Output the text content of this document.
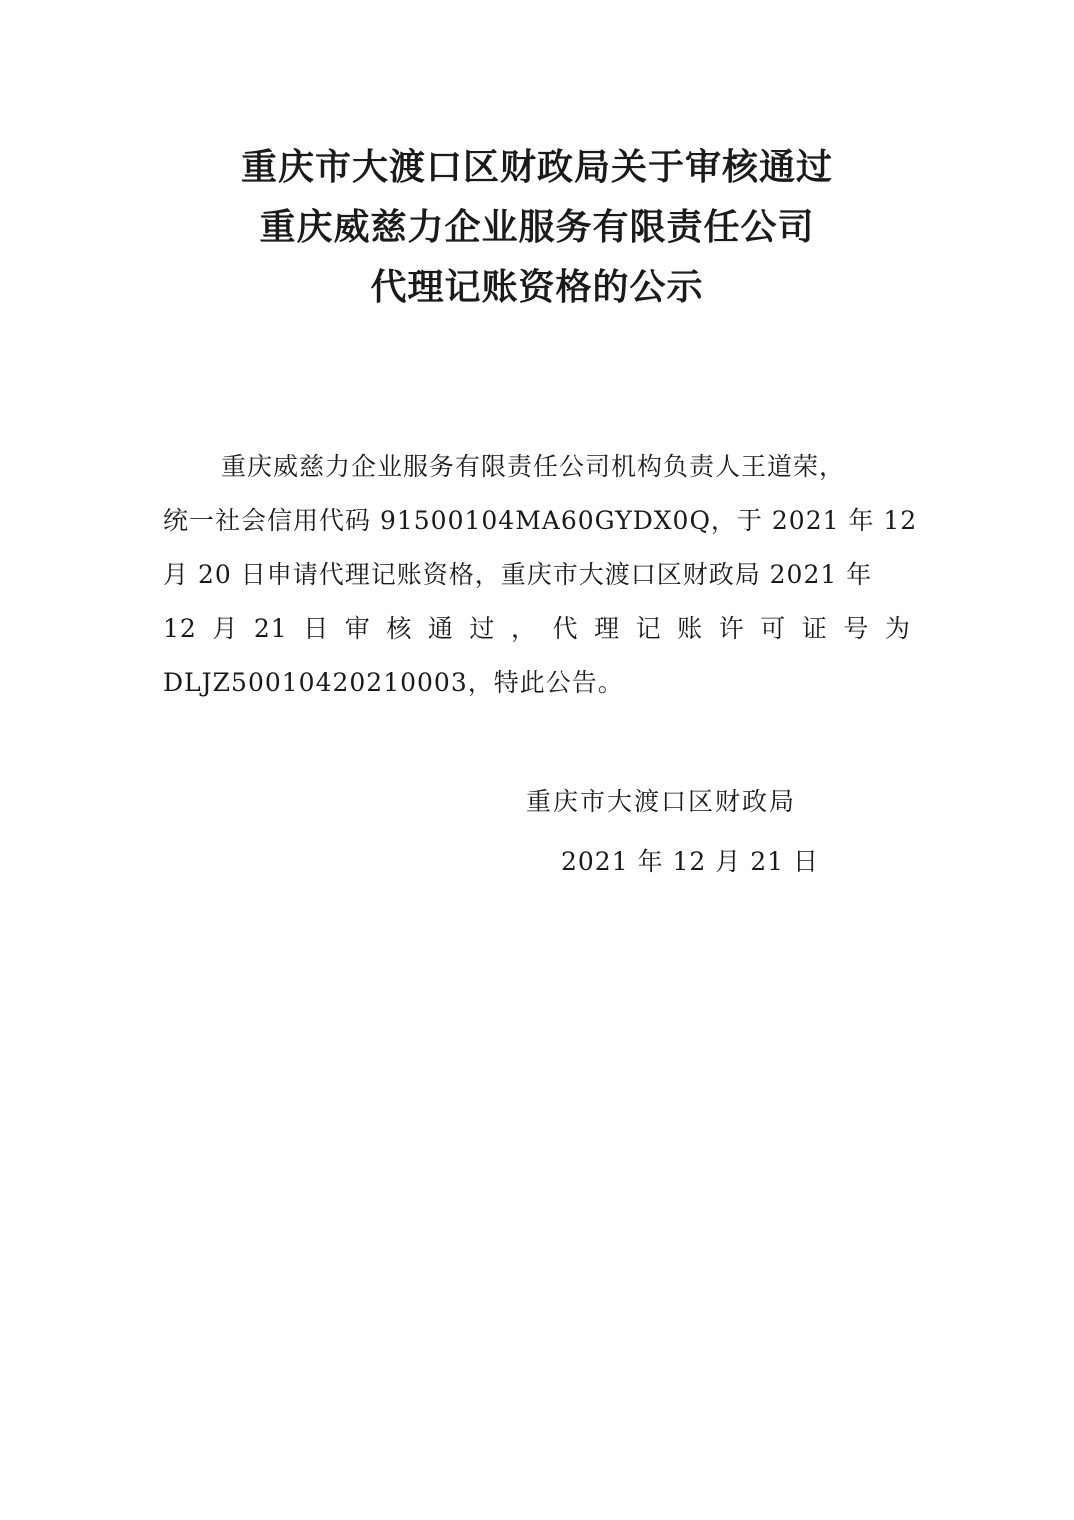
重庆市大渡口区财政局关于审核通过
重庆威慈力企业服务有限责任公司
代理记账资格的公示
重庆威慈力企业服务有限责任公司机构负责人王道荣，
统一社会信用代码 91500104MA60GYDX0Q，于 2021 年 12
月 20 日申请代理记账资格，重庆市大渡口区财政局 2021 年
12 月 21 日 审 核 通 过 ， 代 理 记 账 许 可 证 号 为
DLJZ50010420210003，特此公告。
重庆市大渡口区财政局
2021 年 12 月 21 日
